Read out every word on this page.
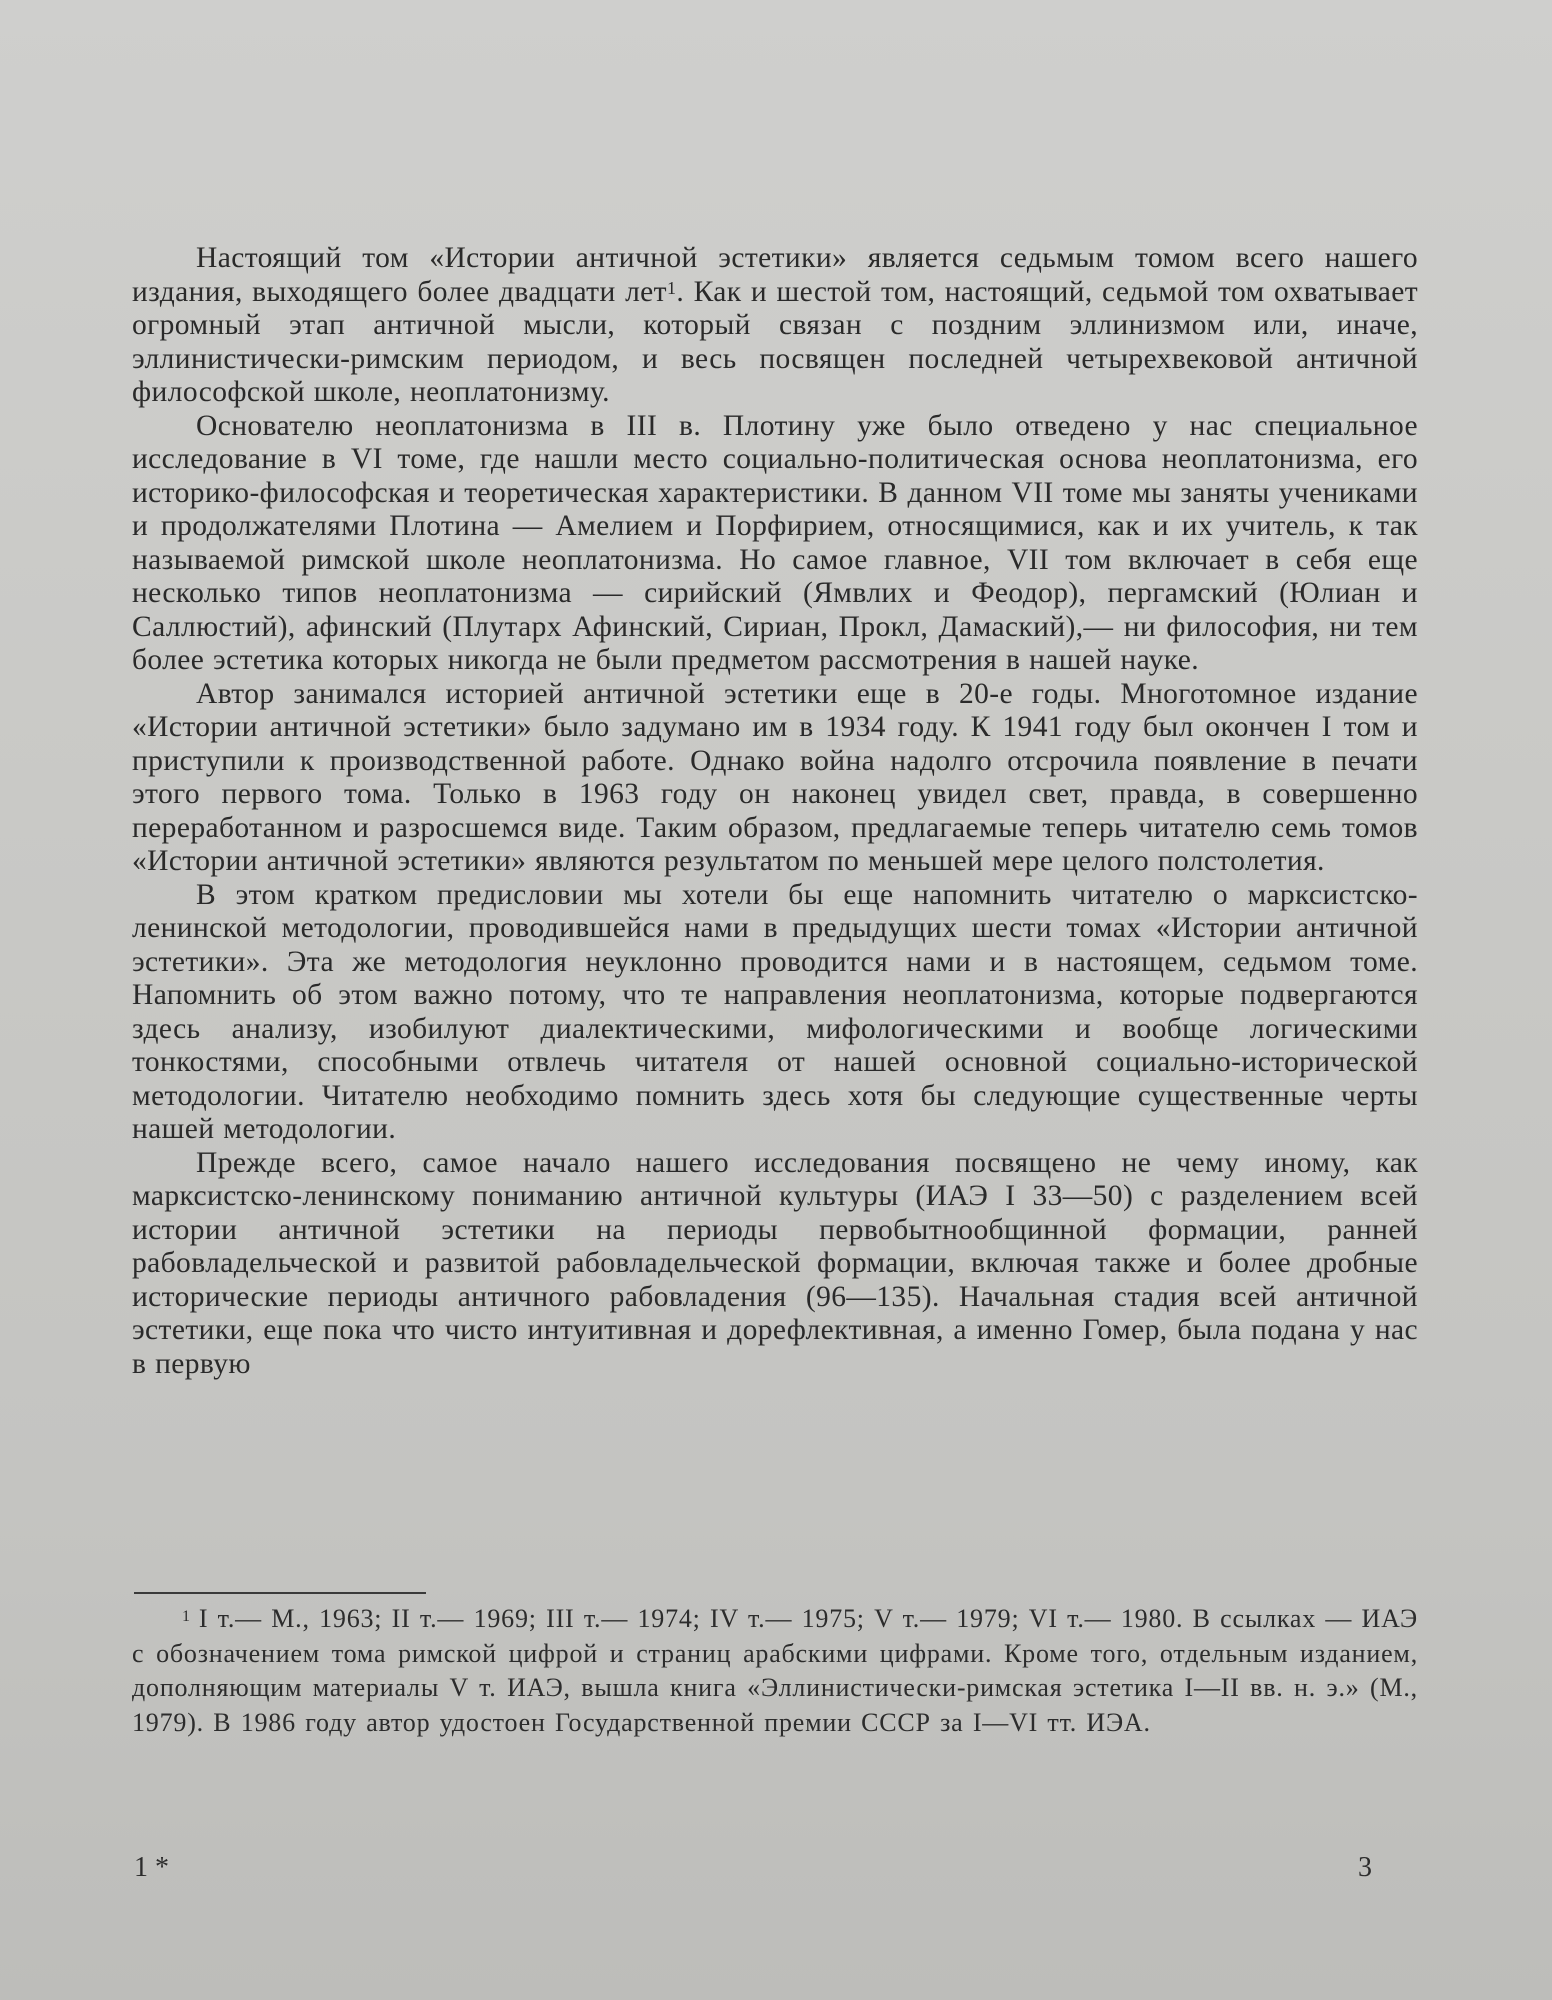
Настоящий том «Истории античной эстетики» является седьмым томом всего нашего издания, выходящего более двадцати лет$^1$. Как и шестой том, настоящий, седьмой том охватывает огромный этап античной мысли, который связан с поздним эллинизмом или, иначе, эллинистически-римским периодом, и весь посвящен последней четырехвековой античной философской школе, неоплатонизму.

Основателю неоплатонизма в III в. Плотину уже было отведено у нас специальное исследование в VI томе, где нашли место социально-политическая основа неоплатонизма, его историко-философская и теоретическая характеристики. В данном VII томе мы заняты учениками и продолжателями Плотина — Амелием и Порфирием, относящимися, как и их учитель, к так называемой римской школе неоплатонизма. Но самое главное, VII том включает в себя еще несколько типов неоплатонизма — сирийский (Ямвлих и Феодор), пергамский (Юлиан и Саллюстий), афинский (Плутарх Афинский, Сириан, Прокл, Дамаский),— ни философия, ни тем более эстетика которых никогда не были предметом рассмотрения в нашей науке.

Автор занимался историей античной эстетики еще в 20-е годы. Многотомное издание «Истории античной эстетики» было задумано им в 1934 году. К 1941 году был окончен I том и приступили к производственной работе. Однако война надолго отсрочила появление в печати этого первого тома. Только в 1963 году он наконец увидел свет, правда, в совершенно переработанном и разросшемся виде. Таким образом, предлагаемые теперь читателю семь томов «Истории античной эстетики» являются результатом по меньшей мере целого полстолетия.

В этом кратком предисловии мы хотели бы еще напомнить читателю о марксистско-ленинской методологии, проводившейся нами в предыдущих шести томах «Истории античной эстетики». Эта же методология неуклонно проводится нами и в настоящем, седьмом томе. Напомнить об этом важно потому, что те направления неоплатонизма, которые подвергаются здесь анализу, изобилуют диалектическими, мифологическими и вообще логическими тонкостями, способными отвлечь читателя от нашей основной социально-исторической методологии. Читателю необходимо помнить здесь хотя бы следующие существенные черты нашей методологии.

Прежде всего, самое начало нашего исследования посвящено не чему иному, как марксистско-ленинскому пониманию античной культуры (ИАЭ I 33—50) с разделением всей истории античной эстетики на периоды первобытнообщинной формации, ранней рабовладельческой и развитой рабовладельческой формации, включая также и более дробные исторические периоды античного рабовладения (96—135). Начальная стадия всей античной эстетики, еще пока что чисто интуитивная и дорефлективная, а именно Гомер, была подана у нас в первую

$^1$ I т.— М., 1963; II т.— 1969; III т.— 1974; IV т.— 1975; V т.— 1979; VI т.— 1980. В ссылках — ИАЭ с обозначением тома римской цифрой и страниц арабскими цифрами. Кроме того, отдельным изданием, дополняющим материалы V т. ИАЭ, вышла книга «Эллинистически-римская эстетика I—II вв. н. э.» (М., 1979). В 1986 году автор удостоен Государственной премии СССР за I—VI тт. ИЭА.

1 *	3
